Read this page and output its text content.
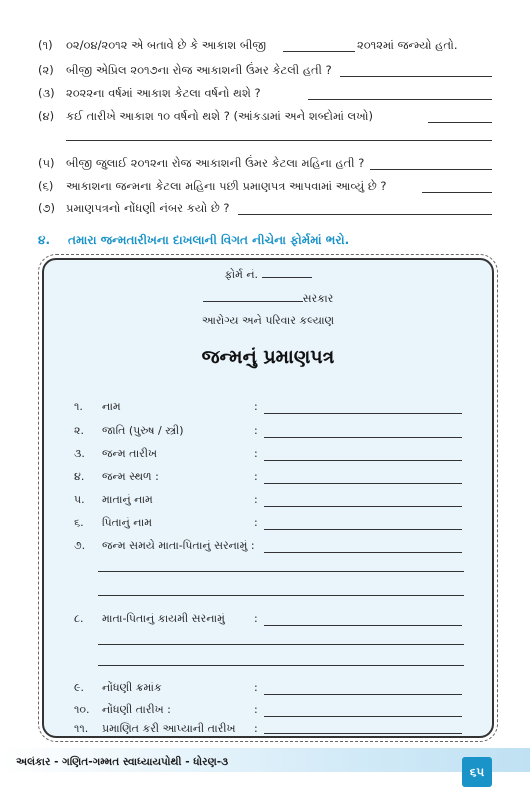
(૧) ૦૨/૦૪/૨૦૧૨ એ બતાવે છે કે આકાશ બીજી	૨૦૧૨માં જન્મ્યો હતો.
(૨) બીજી એપ્રિલ ૨૦૧૭ના રોજ આકાશની ઉંમર કેટલી હતી ?
(૩) ૨૦૨૨ના વર્ષમાં આકાશ કેટલા વર્ષનો થશે ?
(૪) કઈ તારીખે આકાશ ૧૦ વર્ષનો થશે ? (આંકડામાં અને શબ્દોમાં લખો)
(૫) બીજી જુલાઈ ૨૦૧૨ના રોજ આકાશની ઉંમર કેટલા મહિના હતી ?
(૬) આકાશના જન્મના કેટલા મહિના પછી પ્રમાણપત્ર આપવામાં આવ્યું છે ?
(૭) પ્રમાણપત્રનો નોંધણી નંબર કયો છે ?
૪. તમારા જન્મતારીખના દાખલાની વિગત નીચેના ફોર્મમાં ભરો.
ફોર્મ નં.
સરકાર
આરોગ્ય અને પરિવાર કલ્યાણ
જન્મનું પ્રમાણપત્ર
૧. નામ	:
૨. જાતિ (પુરુષ / સ્ત્રી)	:
૩. જન્મ તારીખ	:
૪. જન્મ સ્થળ :	:
પ. માતાનું નામ	:
૬. પિતાનું નામ	:
૭. જન્મ સમયે માતા-પિતાનું સરનામું :
૮. માતા-પિતાનું કાયમી સરનામું	:
૯. નોંધણી ક્રમાંક	:
૧૦. નોંધણી તારીખ :	:
૧૧. પ્રમાણિત કરી આપ્યાની તારીખ :
અલંકાર - ગણિત-ગમ્મત સ્વાધ્યાયપોથી - ધોરણ-૩
૬૫
